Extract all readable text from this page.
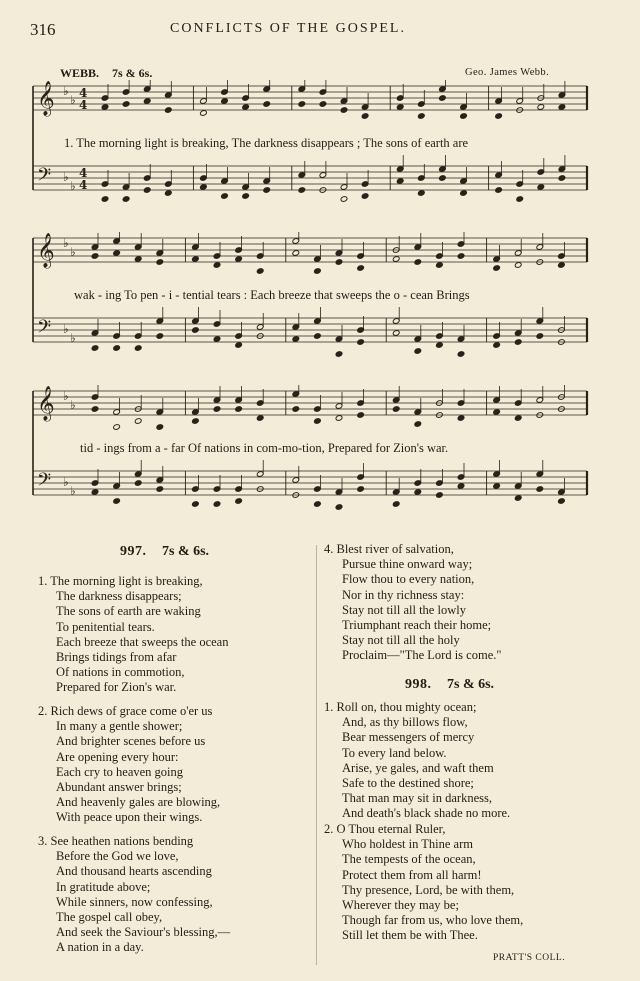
316	CONFLICTS OF THE GOSPEL.
WEBB. 7s & 6s.	Geo. James Webb.
𝄞 ♭
♭ 4
4
𝄢 ♭
♭
4
4
1. The morning light is breaking, The darkness disappears ; The sons of earth are
𝄞 ♭
♭
𝄢 ♭
♭
wak - ing To pen - i - tential tears : Each breeze that sweeps the o - cean Brings
𝄞 ♭
♭
𝄢 ♭
♭
tid - ings from a - far Of nations in com-mo-tion, Prepared for Zion's war.
997. 7s & 6s.
1. The morning light is breaking,
The darkness disappears;
The sons of earth are waking
To penitential tears.
Each breeze that sweeps the ocean
Brings tidings from afar
Of nations in commotion,
Prepared for Zion's war.
2. Rich dews of grace come o'er us
In many a gentle shower;
And brighter scenes before us
Are opening every hour:
Each cry to heaven going
Abundant answer brings;
And heavenly gales are blowing,
With peace upon their wings.
3. See heathen nations bending
Before the God we love,
And thousand hearts ascending
In gratitude above;
While sinners, now confessing,
The gospel call obey,
And seek the Saviour's blessing,—
A nation in a day.
4. Blest river of salvation,
Pursue thine onward way;
Flow thou to every nation,
Nor in thy richness stay:
Stay not till all the lowly
Triumphant reach their home;
Stay not till all the holy
Proclaim—"The Lord is come."
998. 7s & 6s.
1. Roll on, thou mighty ocean;
And, as thy billows flow,
Bear messengers of mercy
To every land below.
Arise, ye gales, and waft them
Safe to the destined shore;
That man may sit in darkness,
And death's black shade no more.
2. O Thou eternal Ruler,
Who holdest in Thine arm
The tempests of the ocean,
Protect them from all harm!
Thy presence, Lord, be with them,
Wherever they may be;
Though far from us, who love them,
Still let them be with Thee.
PRATT'S COLL.
